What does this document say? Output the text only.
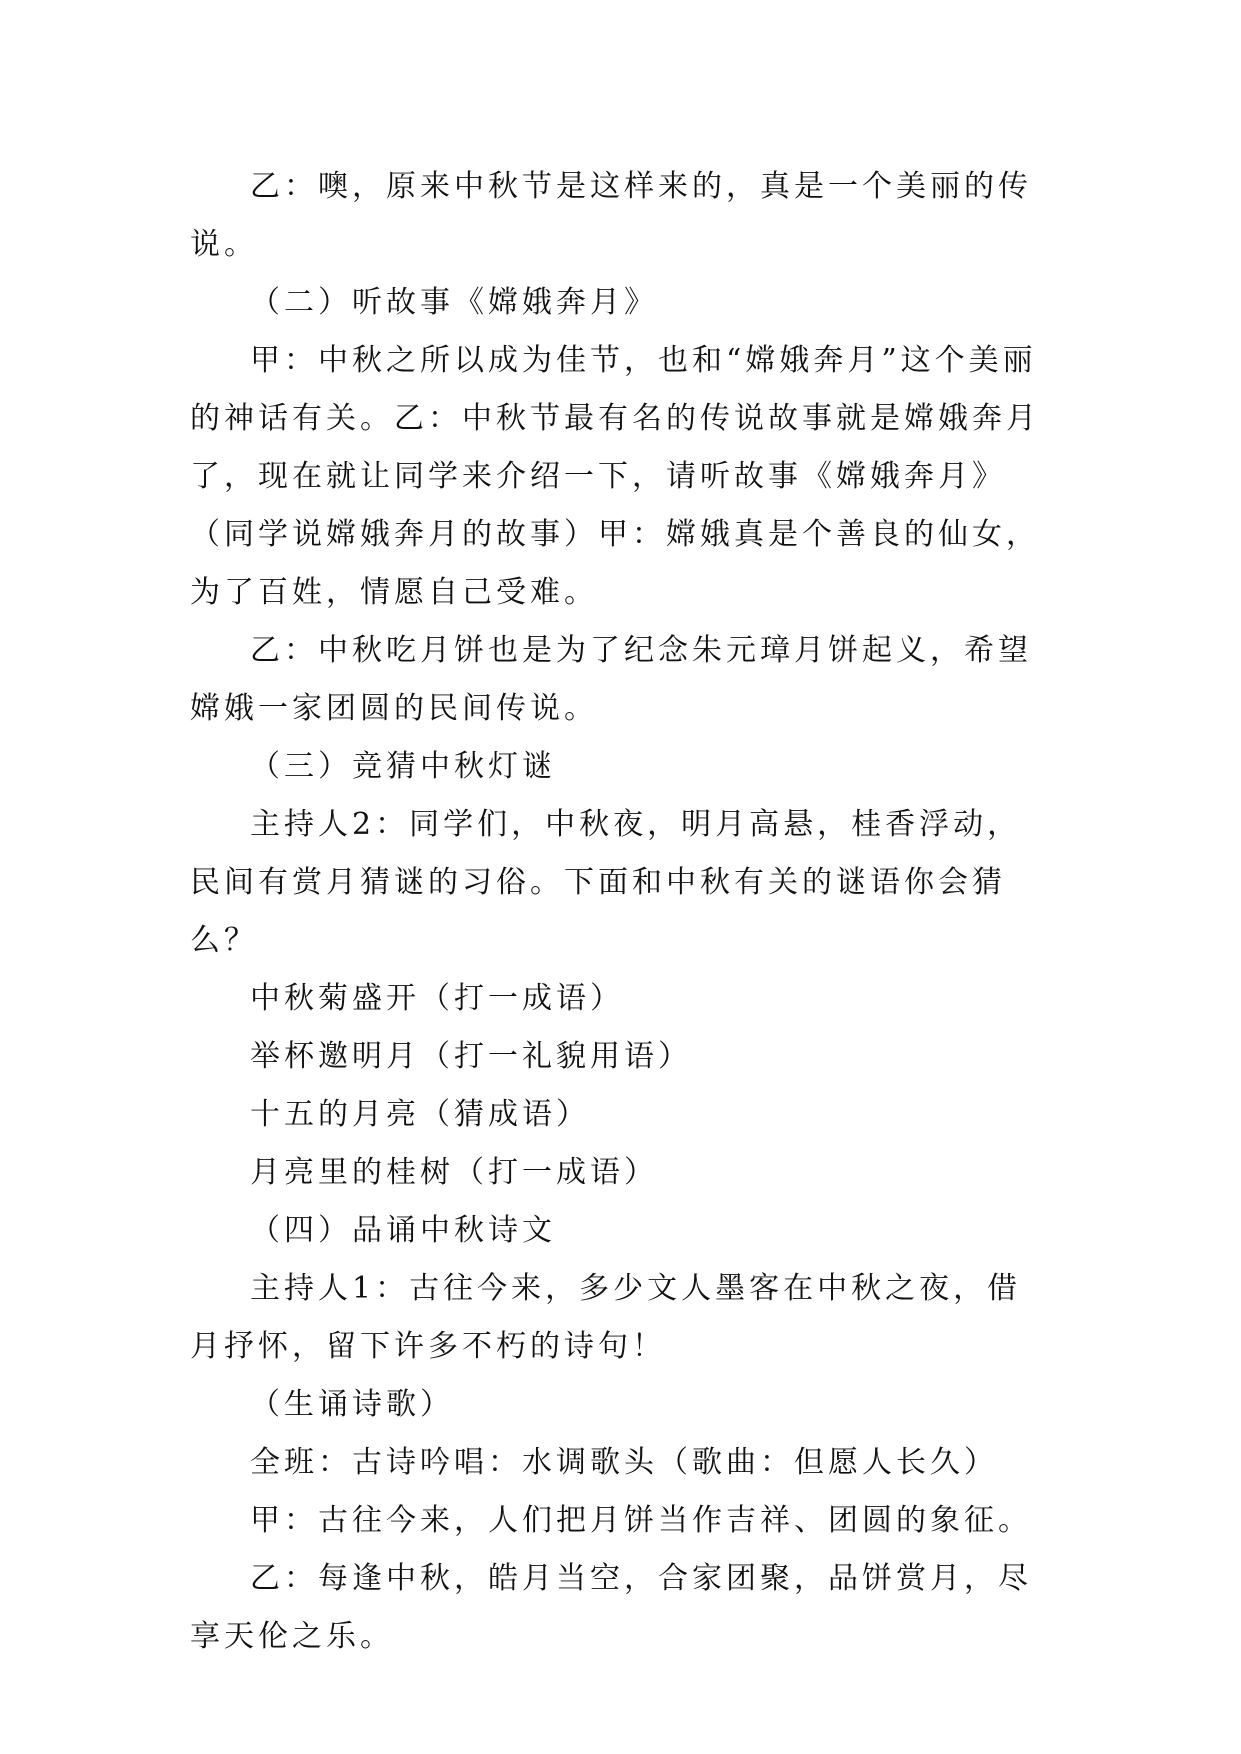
乙：噢，原来中秋节是这样来的，真是一个美丽的传说。

（二）听故事《嫦娥奔月》

甲：中秋之所以成为佳节，也和“嫦娥奔月”这个美丽的神话有关。乙：中秋节最有名的传说故事就是嫦娥奔月了，现在就让同学来介绍一下，请听故事《嫦娥奔月》（同学说嫦娥奔月的故事）甲：嫦娥真是个善良的仙女，为了百姓，情愿自己受难。

乙：中秋吃月饼也是为了纪念朱元璋月饼起义，希望嫦娥一家团圆的民间传说。

（三）竞猜中秋灯谜

主持人2：同学们，中秋夜，明月高悬，桂香浮动，民间有赏月猜谜的习俗。下面和中秋有关的谜语你会猜么？

中秋菊盛开（打一成语）

举杯邀明月（打一礼貌用语）

十五的月亮（猜成语）

月亮里的桂树（打一成语）

（四）品诵中秋诗文

主持人1：古往今来，多少文人墨客在中秋之夜，借月抒怀，留下许多不朽的诗句！

（生诵诗歌）

全班：古诗吟唱：水调歌头（歌曲：但愿人长久）

甲：古往今来，人们把月饼当作吉祥、团圆的象征。

乙：每逢中秋，皓月当空，合家团聚，品饼赏月，尽享天伦之乐。
